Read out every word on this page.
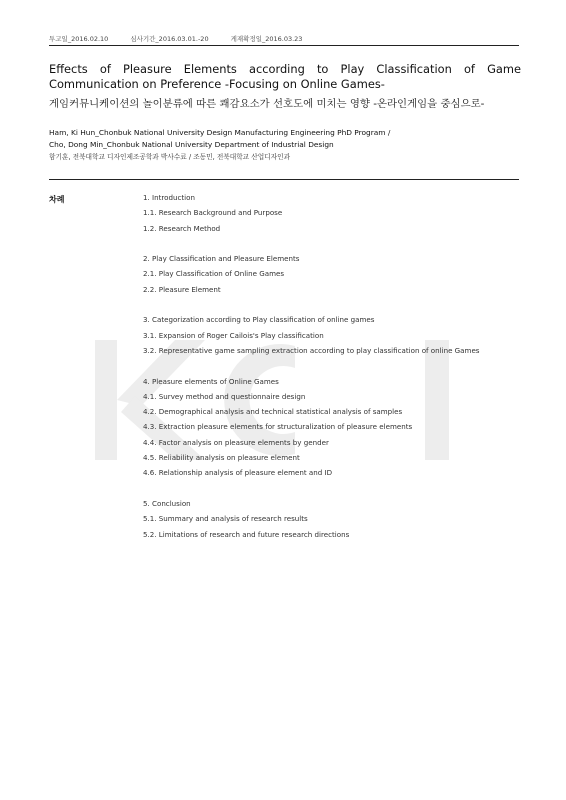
투고일_2016.02.10	심사기간_2016.03.01.-20	게재확정일_2016.03.23
Effects of Pleasure Elements according to Play Classification of Game Communication on Preference -Focusing on Online Games-
게임커뮤니케이션의 놀이분류에 따른 쾌감요소가 선호도에 미치는 영향 -온라인게임을 중심으로-
Ham, Ki Hun_Chonbuk National University Design Manufacturing Engineering PhD Program /
Cho, Dong Min_Chonbuk National University Department of Industrial Design
함기훈, 전북대학교 디자인제조공학과 박사수료 / 조동민, 전북대학교 산업디자인과
차례	1. Introduction
1.1. Research Background and Purpose
1.2. Research Method
2. Play Classification and Pleasure Elements
2.1. Play Classification of Online Games
2.2. Pleasure Element
3. Categorization according to Play classification of online games
3.1. Expansion of Roger Cailois's Play classification
3.2. Representative game sampling extraction according to play classification of online Games
4. Pleasure elements of Online Games
4.1. Survey method and questionnaire design
4.2. Demographical analysis and technical statistical analysis of samples
4.3. Extraction pleasure elements for structuralization of pleasure elements
4.4. Factor analysis on pleasure elements by gender
4.5. Reliability analysis on pleasure element
4.6. Relationship analysis of pleasure element and ID
5. Conclusion
5.1. Summary and analysis of research results
5.2. Limitations of research and future research directions
